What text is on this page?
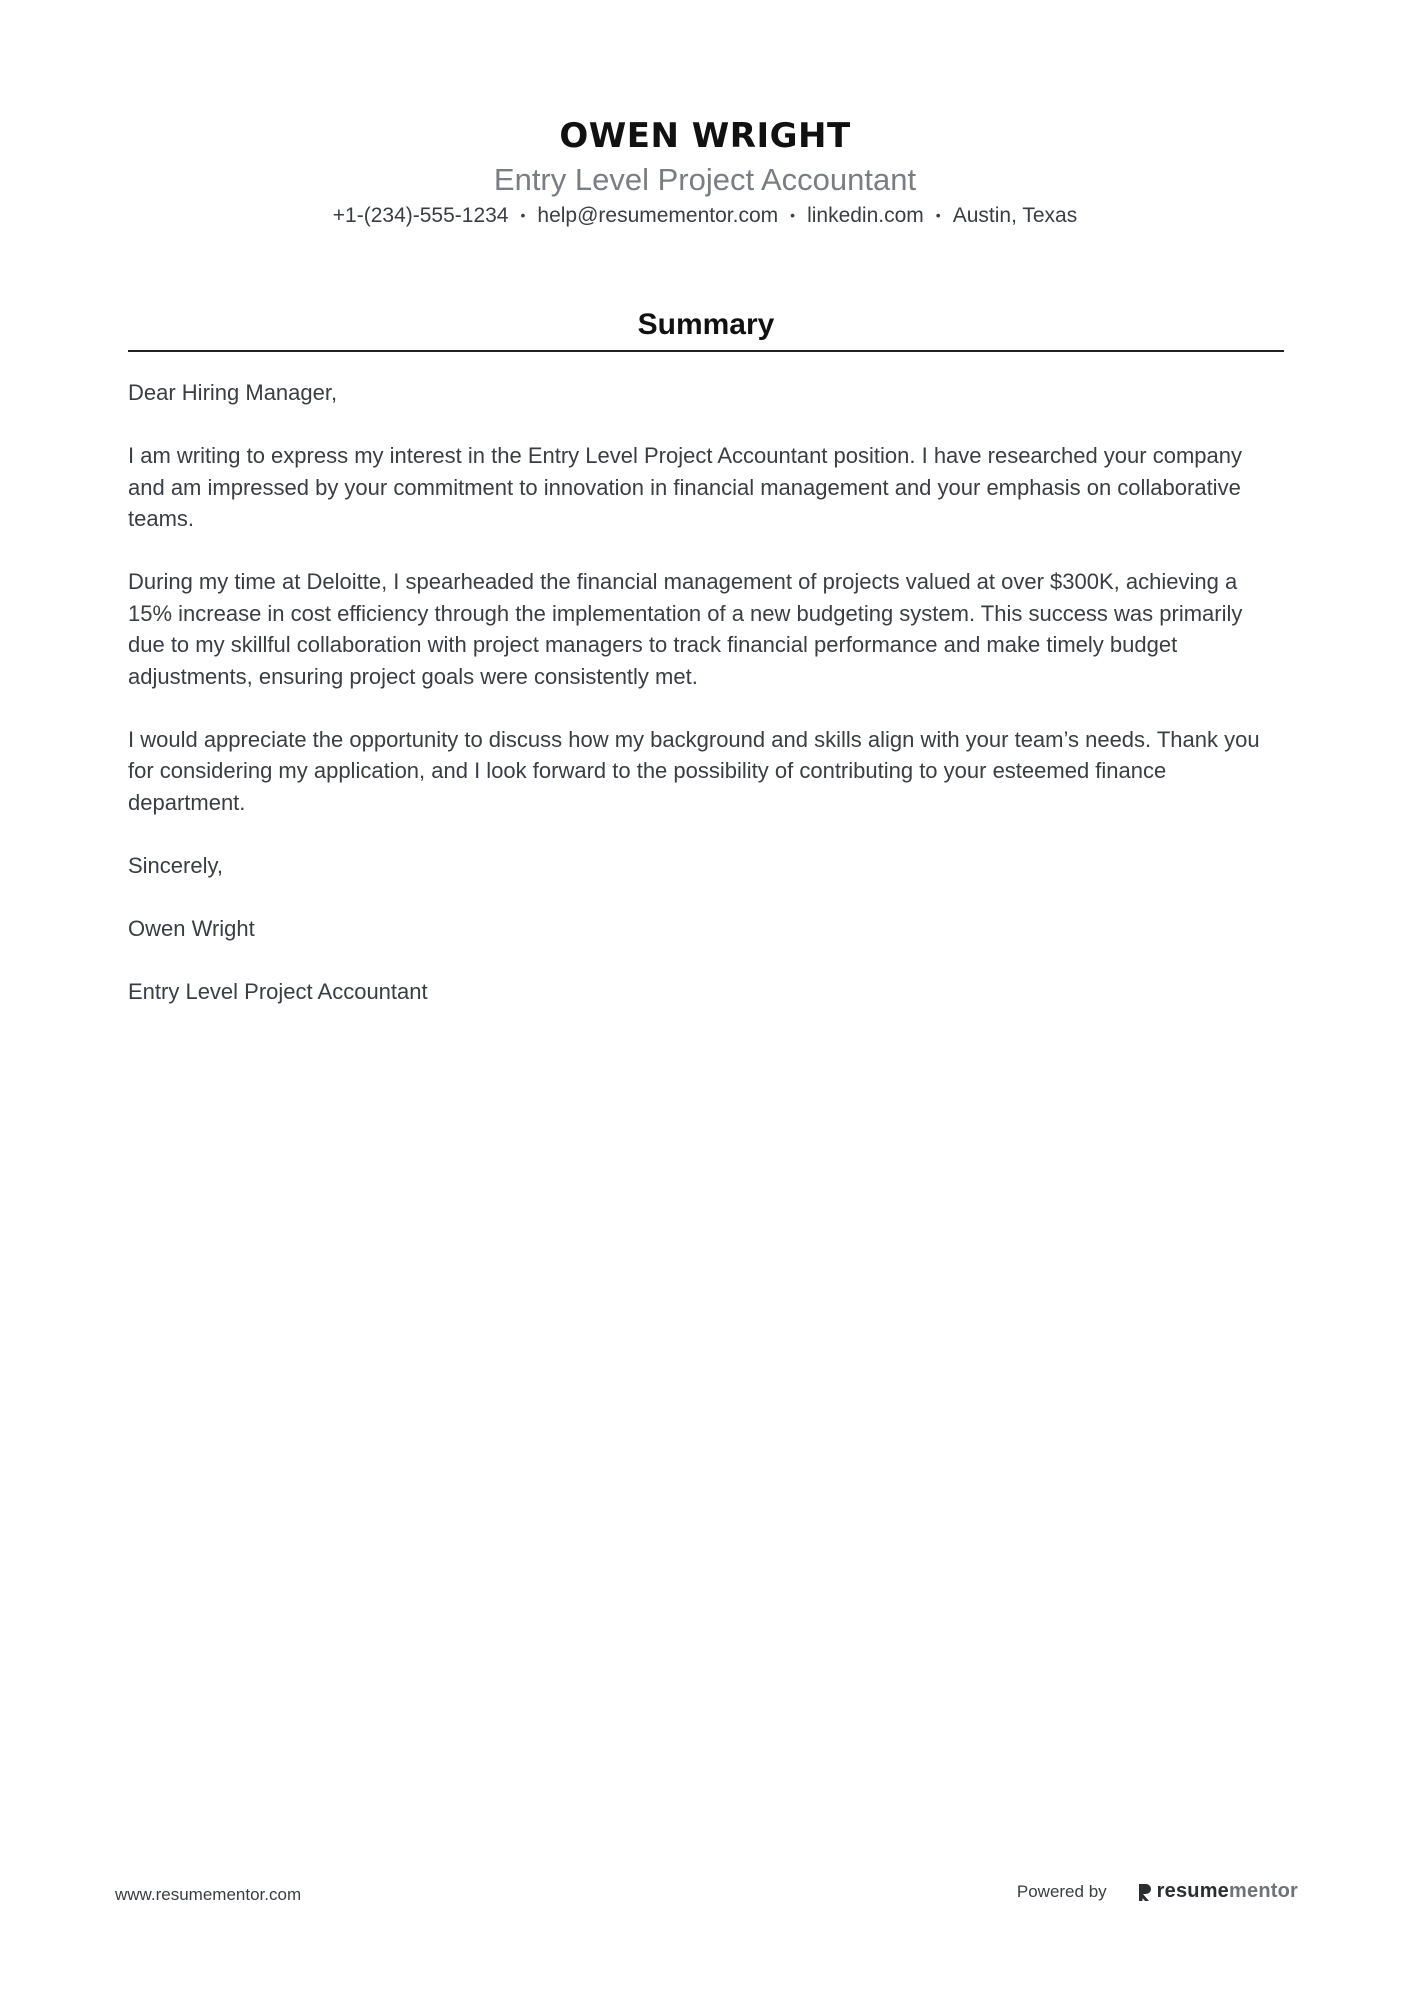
OWEN WRIGHT
Entry Level Project Accountant
+1-(234)-555-1234 • help@resumementor.com • linkedin.com • Austin, Texas
Summary

Dear Hiring Manager,

I am writing to express my interest in the Entry Level Project Accountant position. I have researched your company and am impressed by your commitment to innovation in financial management and your emphasis on collaborative teams.

During my time at Deloitte, I spearheaded the financial management of projects valued at over $300K, achieving a 15% increase in cost efficiency through the implementation of a new budgeting system. This success was primarily due to my skillful collaboration with project managers to track financial performance and make timely budget adjustments, ensuring project goals were consistently met.

I would appreciate the opportunity to discuss how my background and skills align with your team’s needs. Thank you for considering my application, and I look forward to the possibility of contributing to your esteemed finance department.

Sincerely,

Owen Wright

Entry Level Project Accountant

www.resumementor.com	Powered by	resume mentor
